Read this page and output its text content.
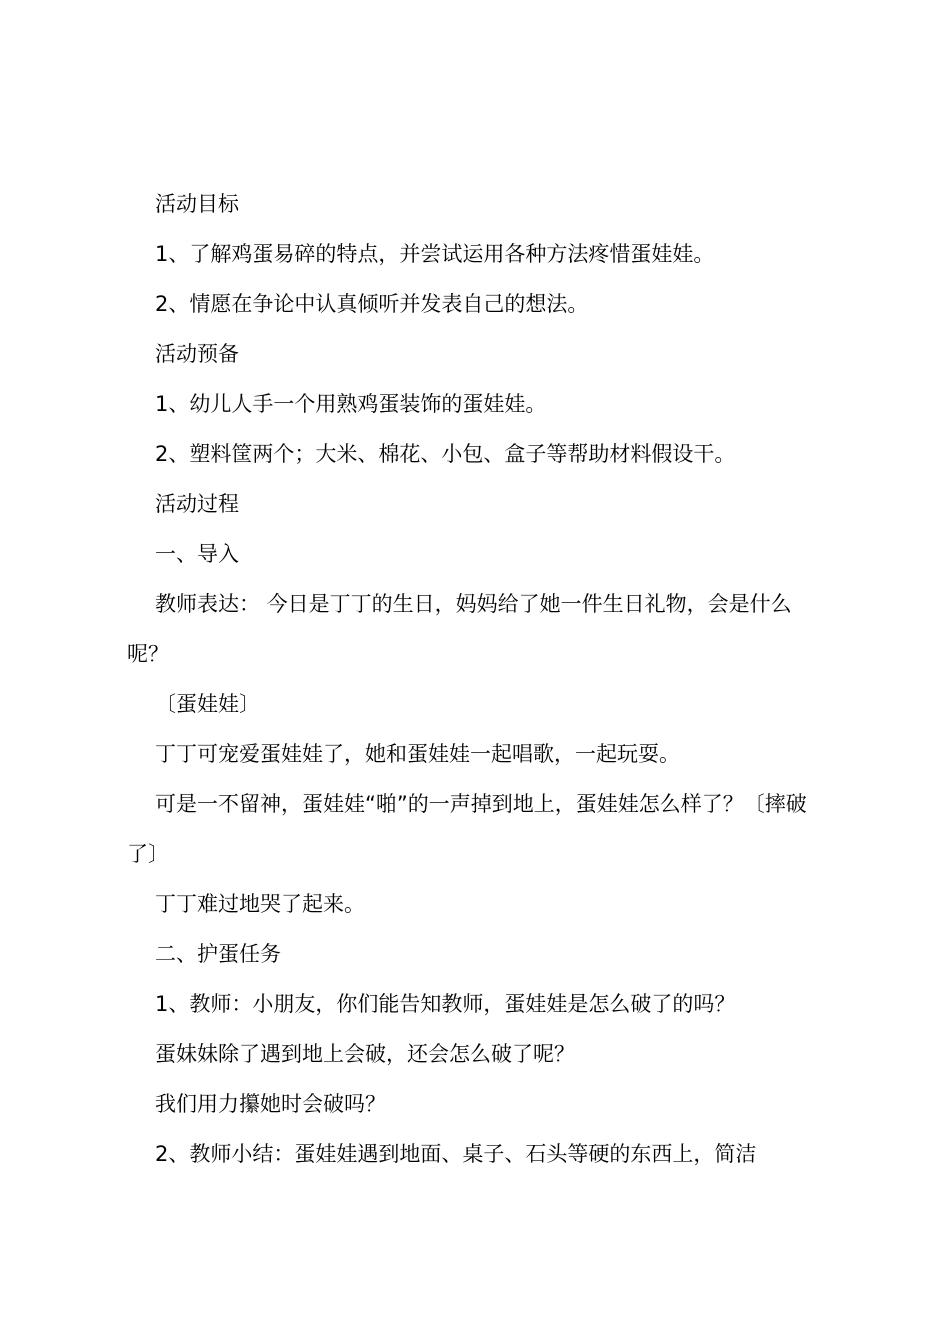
活动目标

1、了解鸡蛋易碎的特点，并尝试运用各种方法疼惜蛋娃娃。

2、情愿在争论中认真倾听并发表自己的想法。

活动预备

1、幼儿人手一个用熟鸡蛋装饰的蛋娃娃。

2、塑料筐两个；大米、棉花、小包、盒子等帮助材料假设干。

活动过程

一、导入

教师表达： 今日是丁丁的生日，妈妈给了她一件生日礼物，会是什么呢？

〔蛋娃娃〕

丁丁可宠爱蛋娃娃了，她和蛋娃娃一起唱歌，一起玩耍。

可是一不留神，蛋娃娃“啪”的一声掉到地上，蛋娃娃怎么样了？〔摔破了〕

丁丁难过地哭了起来。

二、护蛋任务

1、教师：小朋友，你们能告知教师，蛋娃娃是怎么破了的吗？

蛋妹妹除了遇到地上会破，还会怎么破了呢？

我们用力攥她时会破吗？

2、教师小结：蛋娃娃遇到地面、桌子、石头等硬的东西上，简洁
